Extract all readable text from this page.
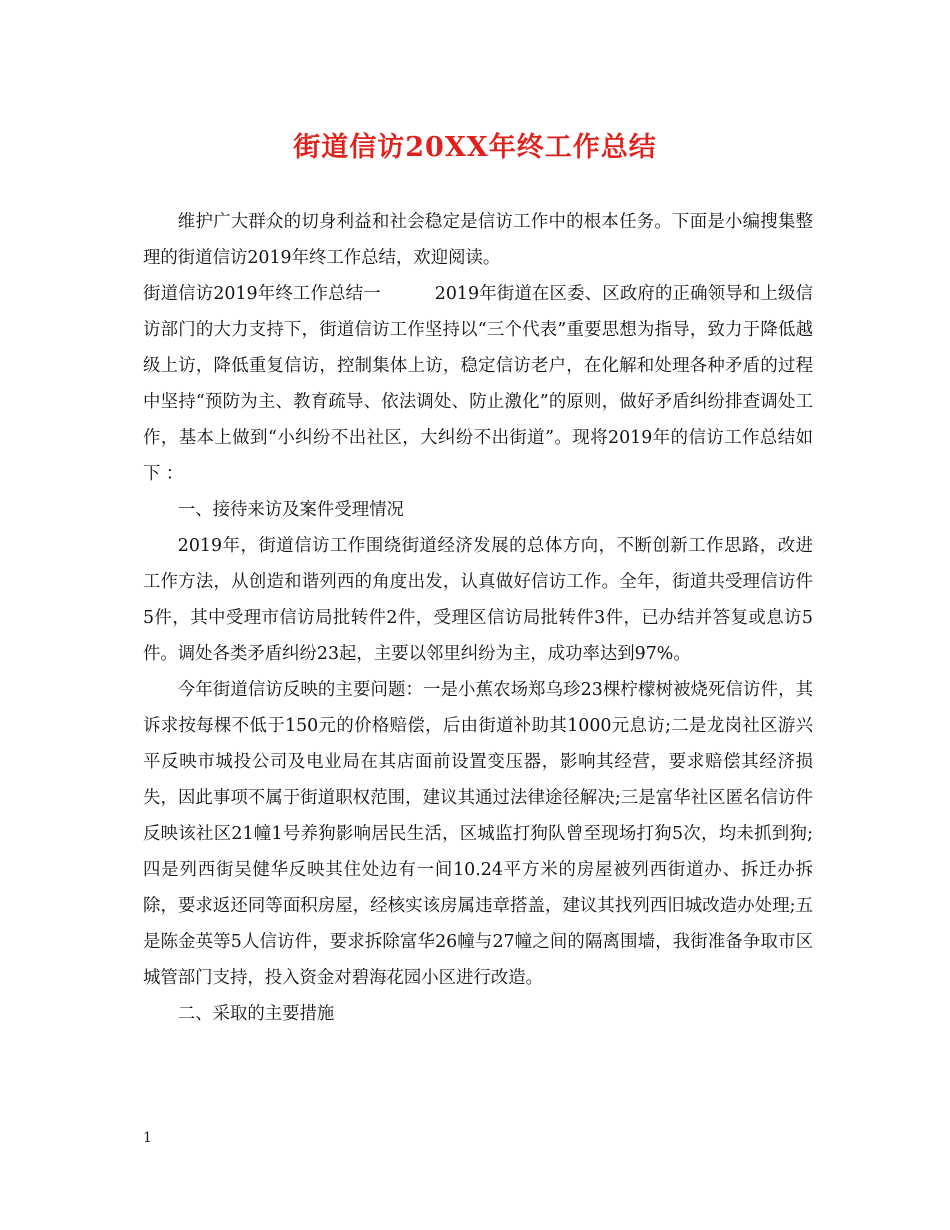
街道信访20XX年终工作总结

维护广大群众的切身利益和社会稳定是信访工作中的根本任务。下面是小编搜集整理的街道信访2019年终工作总结，欢迎阅读。

街道信访2019年终工作总结一	2019年街道在区委、区政府的正确领导和上级信访部门的大力支持下，街道信访工作坚持以“三个代表”重要思想为指导，致力于降低越级上访，降低重复信访，控制集体上访，稳定信访老户，在化解和处理各种矛盾的过程中坚持“预防为主、教育疏导、依法调处、防止激化”的原则，做好矛盾纠纷排查调处工作，基本上做到“小纠纷不出社区，大纠纷不出街道”。现将2019年的信访工作总结如下 ：

一、接待来访及案件受理情况

2019年，街道信访工作围绕街道经济发展的总体方向，不断创新工作思路，改进工作方法，从创造和谐列西的角度出发，认真做好信访工作。全年，街道共受理信访件5件，其中受理市信访局批转件2件，受理区信访局批转件3件，已办结并答复或息访5件。调处各类矛盾纠纷23起，主要以邻里纠纷为主，成功率达到97%。

今年街道信访反映的主要问题：一是小蕉农场郑乌珍23棵柠檬树被烧死信访件，其诉求按每棵不低于150元的价格赔偿，后由街道补助其1000元息访;二是龙岗社区游兴平反映市城投公司及电业局在其店面前设置变压器，影响其经营，要求赔偿其经济损失，因此事项不属于街道职权范围，建议其通过法律途径解决;三是富华社区匿名信访件反映该社区21幢1号养狗影响居民生活，区城监打狗队曾至现场打狗5次，均未抓到狗;四是列西街吴健华反映其住处边有一间10.24平方米的房屋被列西街道办、拆迁办拆除，要求返还同等面积房屋，经核实该房属违章搭盖，建议其找列西旧城改造办处理;五是陈金英等5人信访件，要求拆除富华26幢与27幢之间的隔离围墙，我街准备争取市区城管部门支持，投入资金对碧海花园小区进行改造。

二、采取的主要措施

1
